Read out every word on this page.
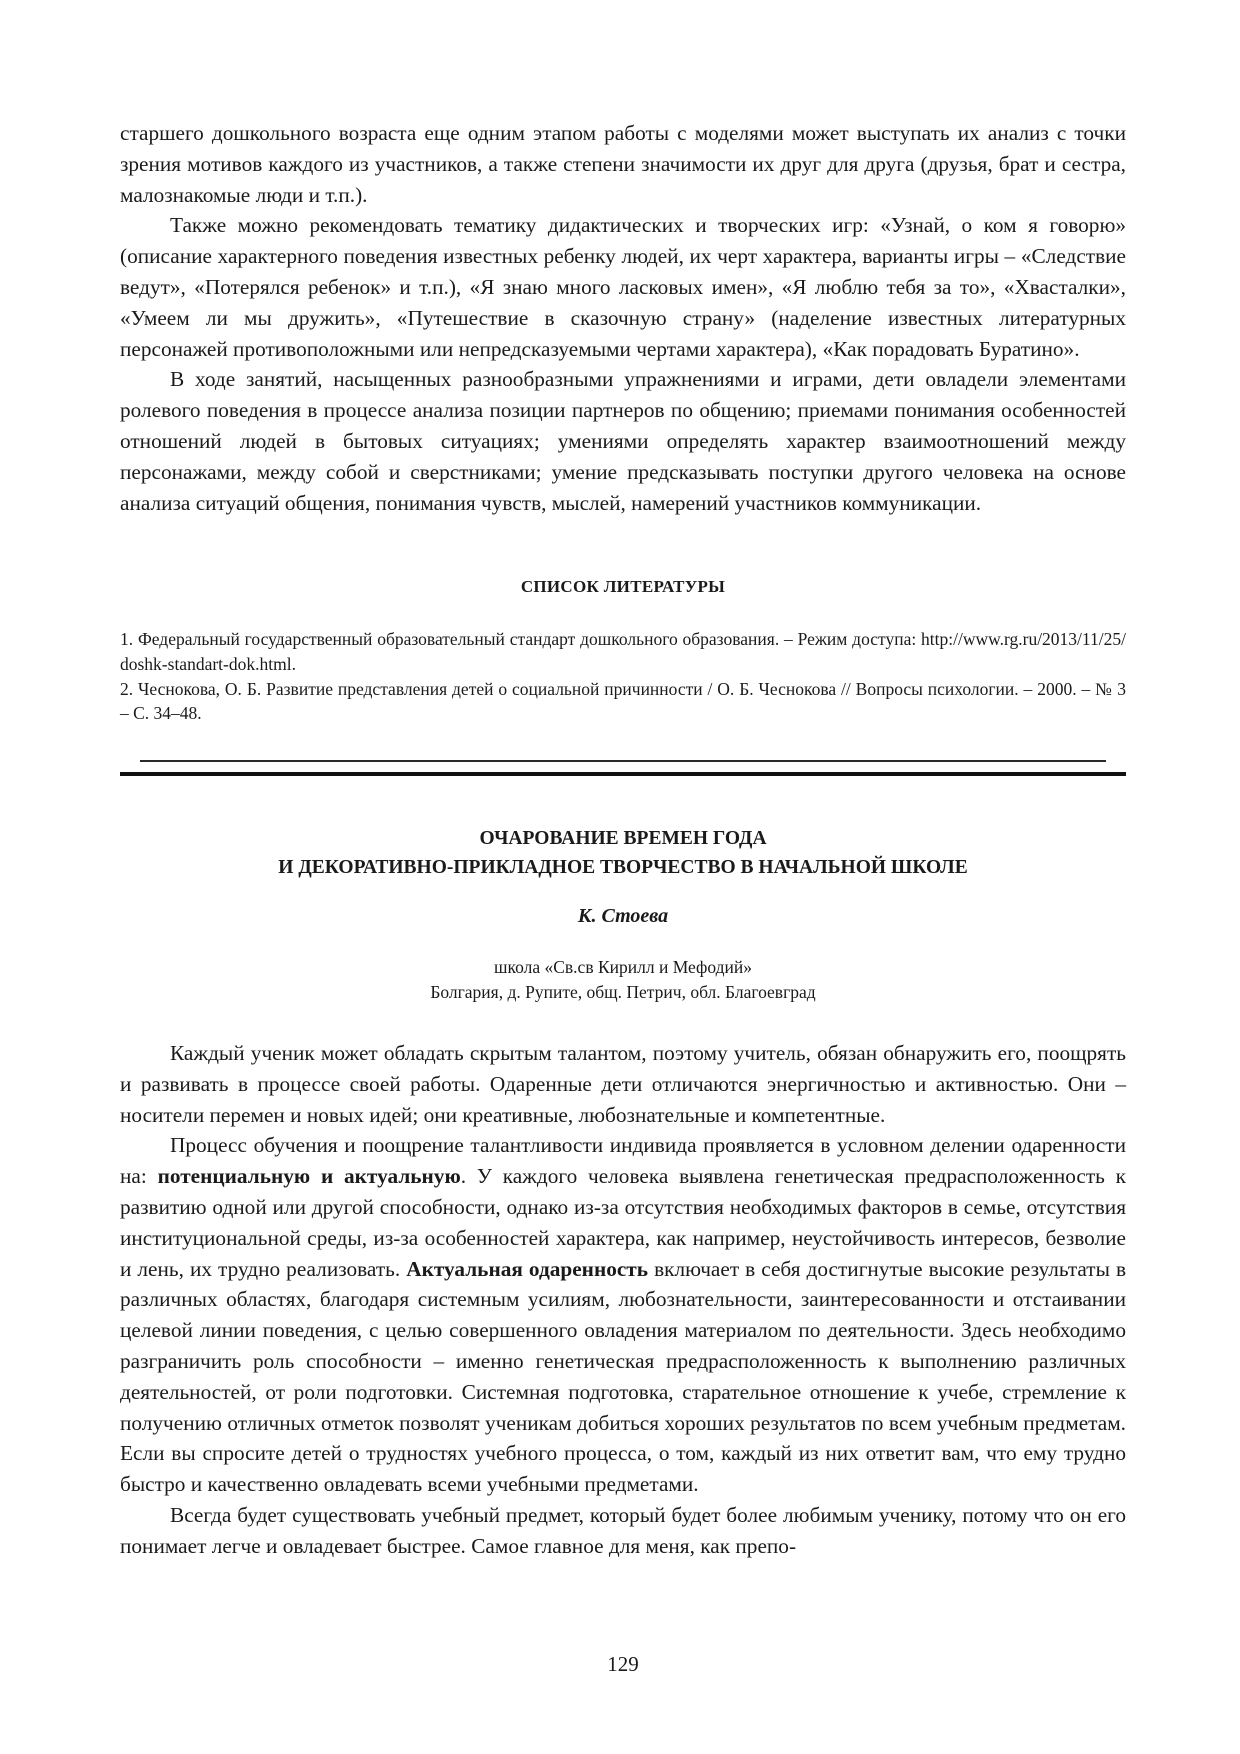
старшего дошкольного возраста еще одним этапом работы с моделями может выступать их анализ с точки зрения мотивов каждого из участников, а также степени значимости их друг для друга (друзья, брат и сестра, малознакомые люди и т.п.).

Также можно рекомендовать тематику дидактических и творческих игр: «Узнай, о ком я говорю» (описание характерного поведения известных ребенку людей, их черт характера, варианты игры – «Следствие ведут», «Потерялся ребенок» и т.п.), «Я знаю много ласковых имен», «Я люблю тебя за то», «Хвасталки», «Умеем ли мы дружить», «Путешествие в сказочную страну» (наделение известных литературных персонажей противоположными или непредсказуемыми чертами характера), «Как порадовать Буратино».

В ходе занятий, насыщенных разнообразными упражнениями и играми, дети овладели элементами ролевого поведения в процессе анализа позиции партнеров по общению; приемами понимания особенностей отношений людей в бытовых ситуациях; умениями определять характер взаимоотношений между персонажами, между собой и сверстниками; умение предсказывать поступки другого человека на основе анализа ситуаций общения, понимания чувств, мыслей, намерений участников коммуникации.

СПИСОК ЛИТЕРАТУРЫ

1. Федеральный государственный образовательный стандарт дошкольного образования. – Режим доступа: http://www.rg.ru/2013/11/25/ doshk-standart-dok.html.

2. Чеснокова, О. Б. Развитие представления детей о социальной причинности / О. Б. Чеснокова // Вопросы психологии. – 2000. – № 3 – С. 34–48.

ОЧАРОВАНИЕ ВРЕМЕН ГОДА
И ДЕКОРАТИВНО-ПРИКЛАДНОЕ ТВОРЧЕСТВО В НАЧАЛЬНОЙ ШКОЛЕ

К. Стоева

школа «Св.св Кирилл и Мефодий»
Болгария, д. Рупите, общ. Петрич, обл. Благоевград

Каждый ученик может обладать скрытым талантом, поэтому учитель, обязан обнаружить его, поощрять и развивать в процессе своей работы. Одаренные дети отличаются энергичностью и активностью. Они – носители перемен и новых идей; они креативные, любознательные и компетентные.

Процесс обучения и поощрение талантливости индивида проявляется в условном делении одаренности на: потенциальную и актуальную. У каждого человека выявлена генетическая предрасположенность к развитию одной или другой способности, однако из-за отсутствия необходимых факторов в семье, отсутствия институциональной среды, из-за особенностей характера, как например, неустойчивость интересов, безволие и лень, их трудно реализовать. Актуальная одаренность включает в себя достигнутые высокие результаты в различных областях, благодаря системным усилиям, любознательности, заинтересованности и отстаивании целевой линии поведения, с целью совершенного овладения материалом по деятельности. Здесь необходимо разграничить роль способности – именно генетическая предрасположенность к выполнению различных деятельностей, от роли подготовки. Системная подготовка, старательное отношение к учебе, стремление к получению отличных отметок позволят ученикам добиться хороших результатов по всем учебным предметам. Если вы спросите детей о трудностях учебного процесса, о том, каждый из них ответит вам, что ему трудно быстро и качественно овладевать всеми учебными предметами.

Всегда будет существовать учебный предмет, который будет более любимым ученику, потому что он его понимает легче и овладевает быстрее. Самое главное для меня, как препо-

129
